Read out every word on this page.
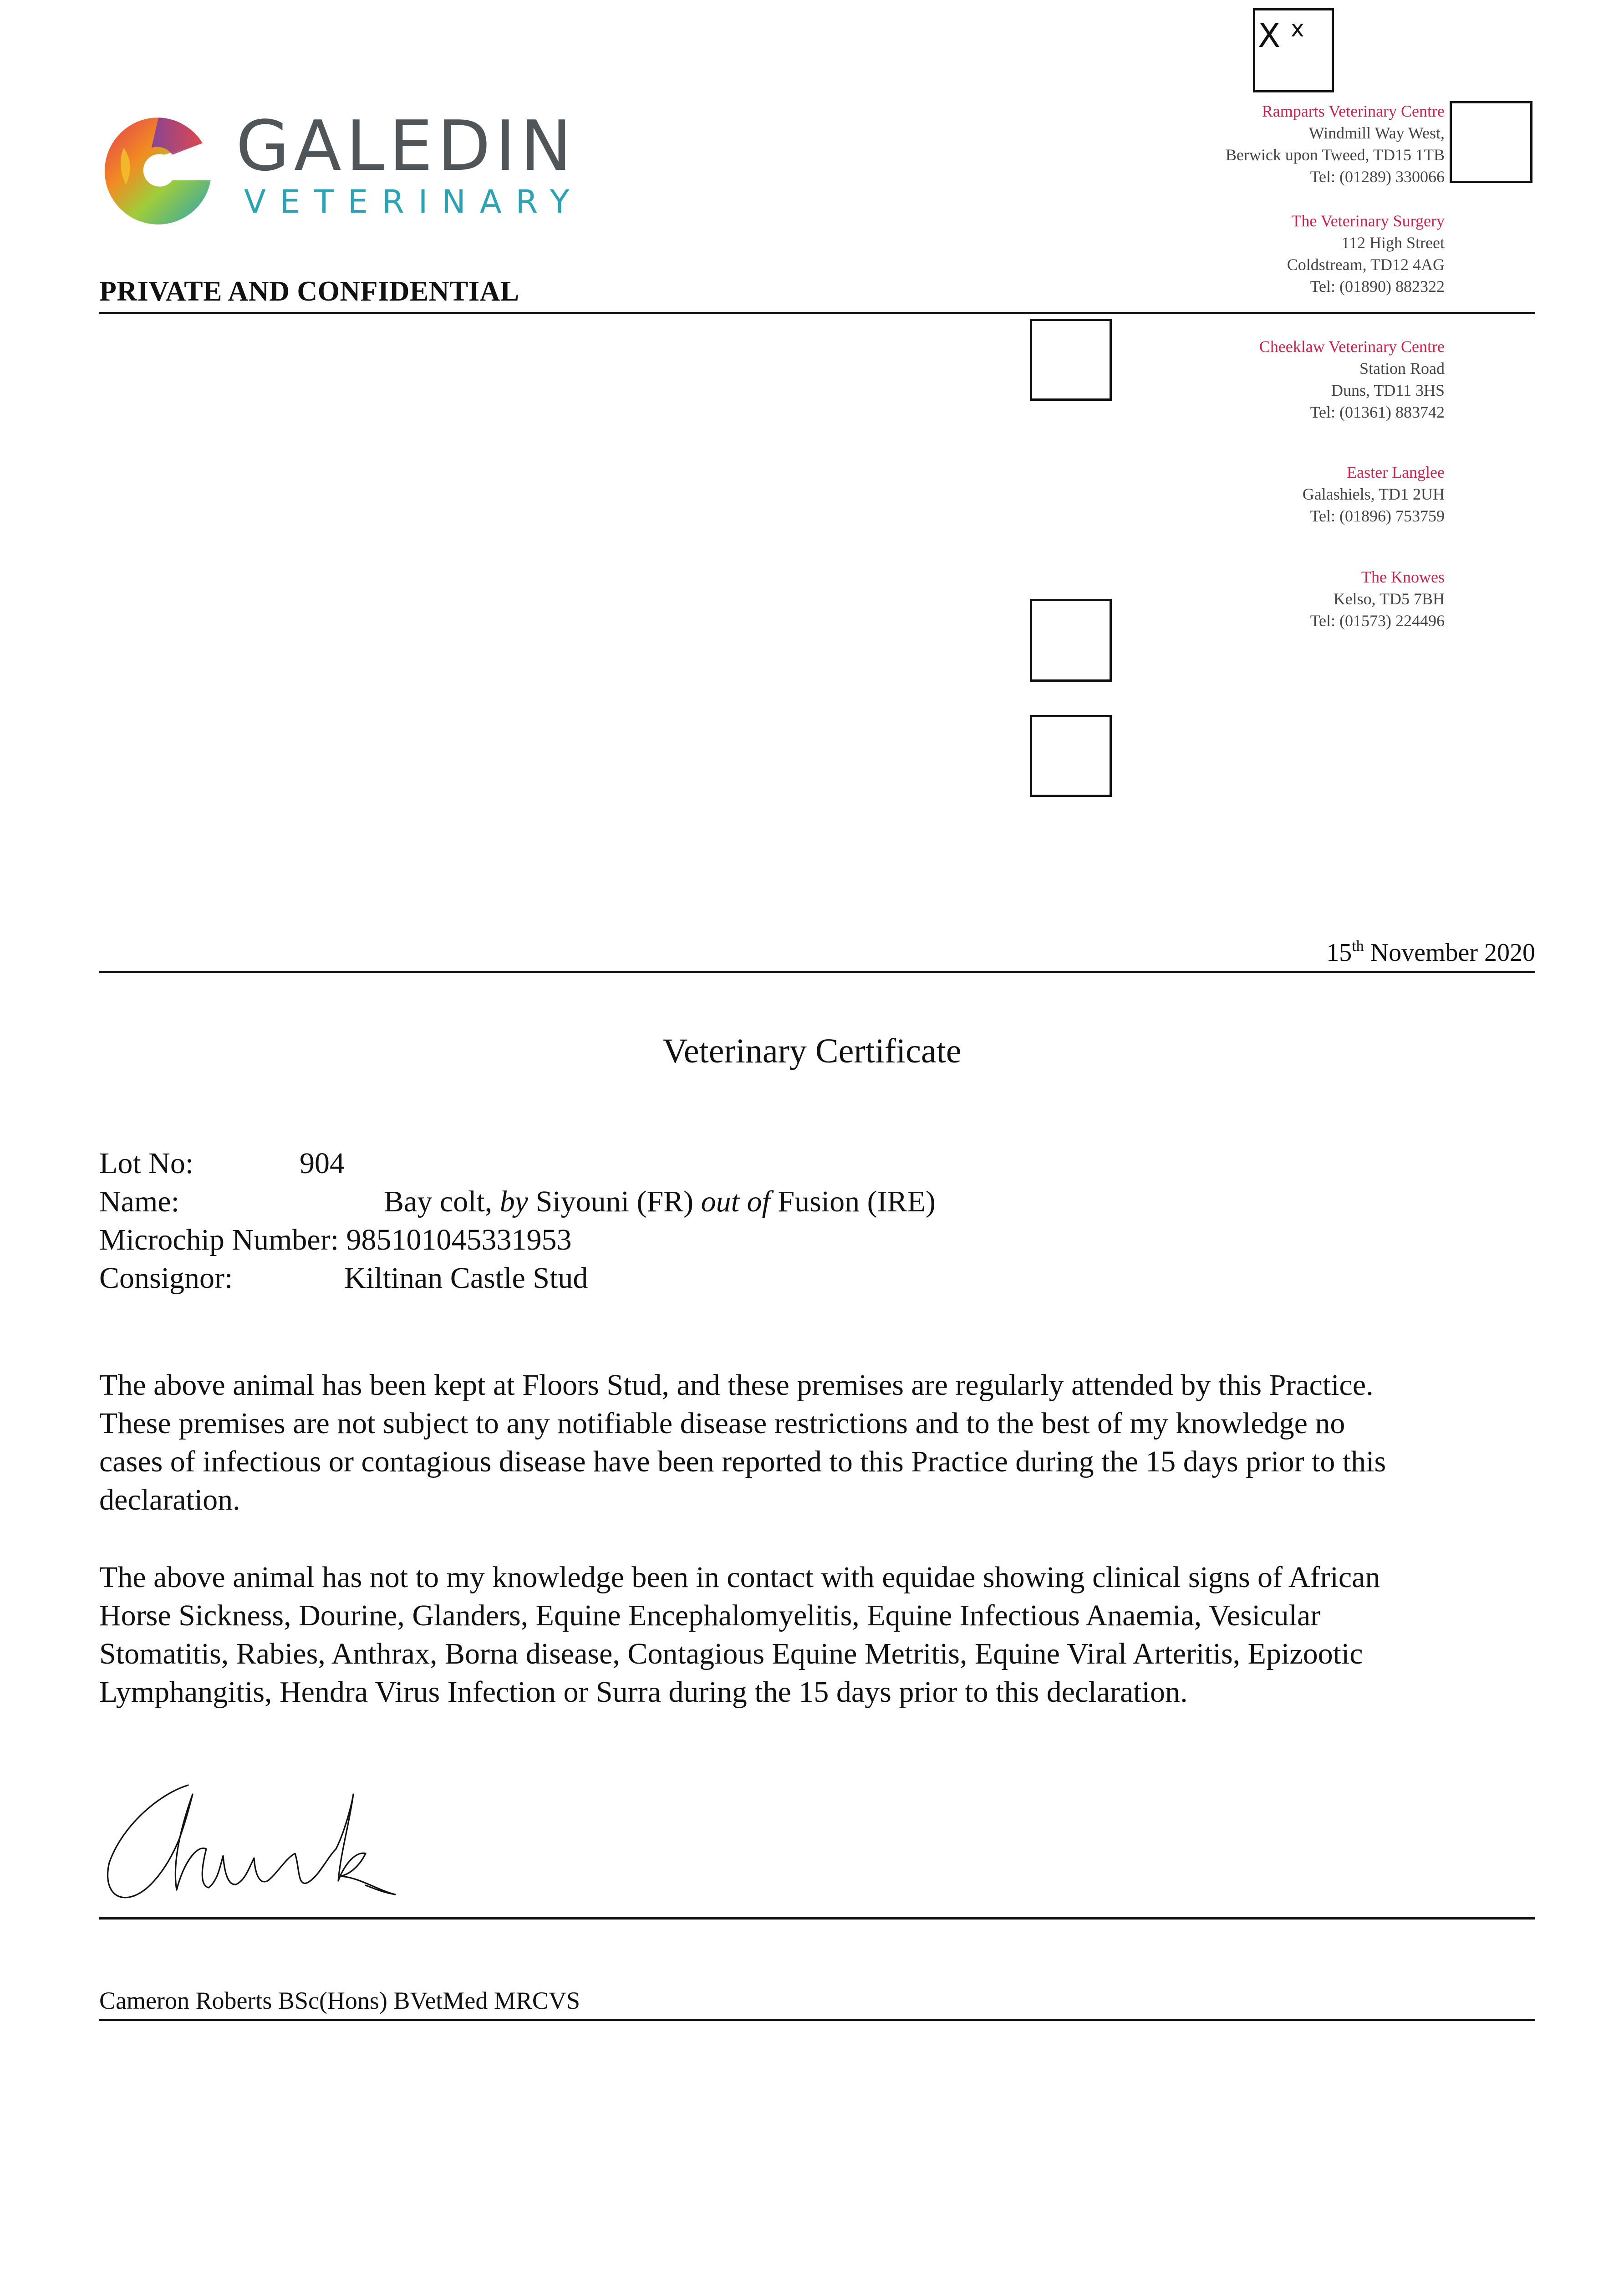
GALEDIN
VETERINARY
PRIVATE AND CONFIDENTIAL
Ramparts Veterinary Centre
Windmill Way West,
Berwick upon Tweed, TD15 1TB
Tel: (01289) 330066
The Veterinary Surgery
112 High Street
Coldstream, TD12 4AG
Tel: (01890) 882322
Cheeklaw Veterinary Centre
Station Road
Duns, TD11 3HS
Tel: (01361) 883742
Easter Langlee
Galashiels, TD1 2UH
Tel: (01896) 753759
The Knowes
Kelso, TD5 7BH
Tel: (01573) 224496
X x
15th November 2020
Veterinary Certificate
Lot No:	904
Name:	Bay colt, by Siyouni (FR) out of Fusion (IRE)
Microchip Number: 985101045331953
Consignor:	Kiltinan Castle Stud
The above animal has been kept at Floors Stud, and these premises are regularly attended by this Practice.
These premises are not subject to any notifiable disease restrictions and to the best of my knowledge no
cases of infectious or contagious disease have been reported to this Practice during the 15 days prior to this
declaration.
The above animal has not to my knowledge been in contact with equidae showing clinical signs of African
Horse Sickness, Dourine, Glanders, Equine Encephalomyelitis, Equine Infectious Anaemia, Vesicular
Stomatitis, Rabies, Anthrax, Borna disease, Contagious Equine Metritis, Equine Viral Arteritis, Epizootic
Lymphangitis, Hendra Virus Infection or Surra during the 15 days prior to this declaration.
Cameron Roberts BSc(Hons) BVetMed MRCVS
